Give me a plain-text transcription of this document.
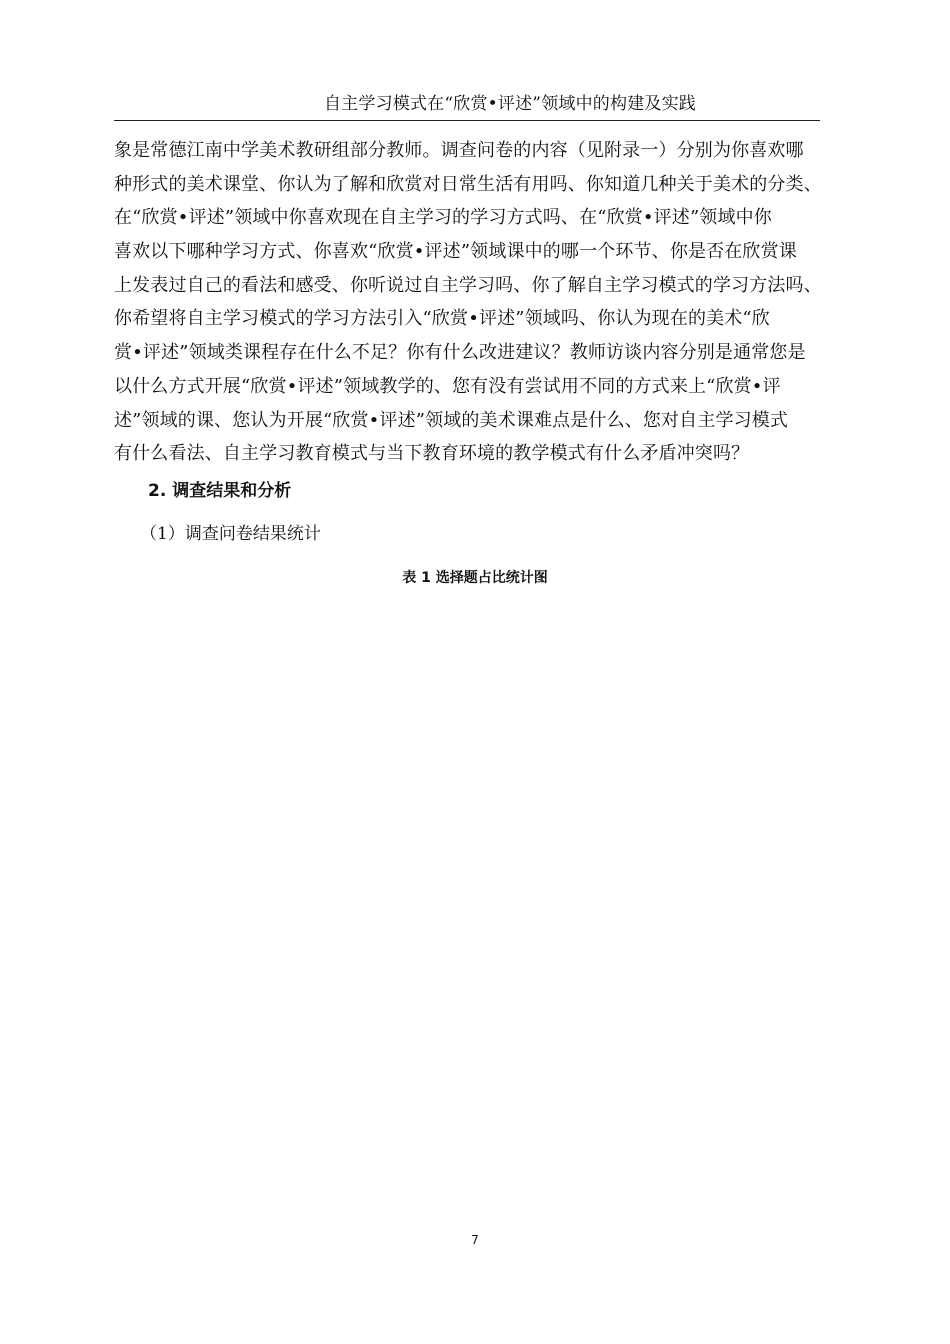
自主学习模式在“欣赏•评述”领域中的构建及实践
象是常德江南中学美术教研组部分教师。调查问卷的内容（见附录一）分别为你喜欢哪
种形式的美术课堂、你认为了解和欣赏对日常生活有用吗、你知道几种关于美术的分类、
在“欣赏•评述”领域中你喜欢现在自主学习的学习方式吗、在“欣赏•评述”领域中你
喜欢以下哪种学习方式、你喜欢“欣赏•评述”领域课中的哪一个环节、你是否在欣赏课
上发表过自己的看法和感受、你听说过自主学习吗、你了解自主学习模式的学习方法吗、
你希望将自主学习模式的学习方法引入“欣赏•评述”领域吗、你认为现在的美术“欣
赏•评述”领域类课程存在什么不足？你有什么改进建议？教师访谈内容分别是通常您是
以什么方式开展“欣赏•评述”领域教学的、您有没有尝试用不同的方式来上“欣赏•评
述”领域的课、您认为开展“欣赏•评述”领域的美术课难点是什么、您对自主学习模式
有什么看法、自主学习教育模式与当下教育环境的教学模式有什么矛盾冲突吗？
2. 调查结果和分析
（1）调查问卷结果统计
表 1 选择题占比统计图
7
